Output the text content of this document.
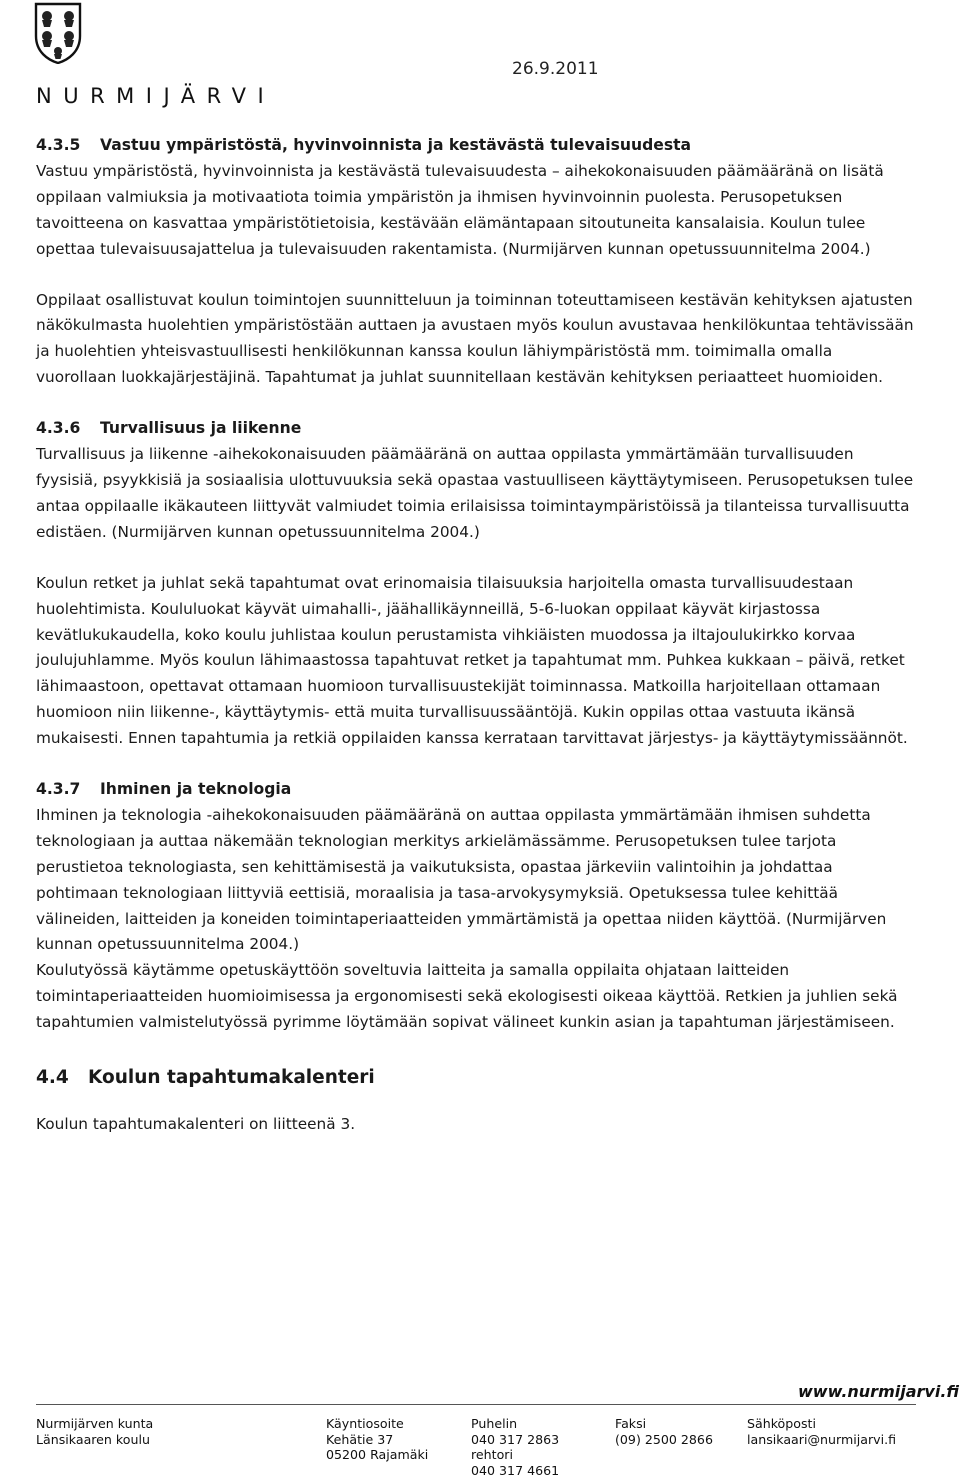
NURMIJÄRVI
26.9.2011
4.3.5 Vastuu ympäristöstä, hyvinvoinnista ja kestävästä tulevaisuudesta

Vastuu ympäristöstä, hyvinvoinnista ja kestävästä tulevaisuudesta – aihekokonaisuuden päämääränä on lisätä oppilaan valmiuksia ja motivaatiota toimia ympäristön ja ihmisen hyvinvoinnin puolesta. Perusopetuksen tavoitteena on kasvattaa ympäristötietoisia, kestävään elämäntapaan sitoutuneita kansalaisia. Koulun tulee opettaa tulevaisuusajattelua ja tulevaisuuden rakentamista. (Nurmijärven kunnan opetussuunnitelma 2004.)

Oppilaat osallistuvat koulun toimintojen suunnitteluun ja toiminnan toteuttamiseen kestävän kehityksen ajatusten näkökulmasta huolehtien ympäristöstään auttaen ja avustaen myös koulun avustavaa henkilökuntaa tehtävissään ja huolehtien yhteisvastuullisesti henkilökunnan kanssa koulun lähiympäristöstä mm. toimimalla omalla vuorollaan luokkajärjestäjinä. Tapahtumat ja juhlat suunnitellaan kestävän kehityksen periaatteet huomioiden.

4.3.6 Turvallisuus ja liikenne

Turvallisuus ja liikenne -aihekokonaisuuden päämääränä on auttaa oppilasta ymmärtämään turvallisuuden fyysisiä, psyykkisiä ja sosiaalisia ulottuvuuksia sekä opastaa vastuulliseen käyttäytymiseen. Perusopetuksen tulee antaa oppilaalle ikäkauteen liittyvät valmiudet toimia erilaisissa toimintaympäristöissä ja tilanteissa turvallisuutta edistäen. (Nurmijärven kunnan opetussuunnitelma 2004.)

Koulun retket ja juhlat sekä tapahtumat ovat erinomaisia tilaisuuksia harjoitella omasta turvallisuudestaan huolehtimista. Koululuokat käyvät uimahalli-, jäähallikäynneillä, 5-6-luokan oppilaat käyvät kirjastossa kevätlukukaudella, koko koulu juhlistaa koulun perustamista vihkiäisten muodossa ja iltajoulukirkko korvaa joulujuhlamme. Myös koulun lähimaastossa tapahtuvat retket ja tapahtumat mm. Puhkea kukkaan – päivä, retket lähimaastoon, opettavat ottamaan huomioon turvallisuustekijät toiminnassa. Matkoilla harjoitellaan ottamaan huomioon niin liikenne-, käyttäytymis- että muita turvallisuussääntöjä. Kukin oppilas ottaa vastuuta ikänsä mukaisesti. Ennen tapahtumia ja retkiä oppilaiden kanssa kerrataan tarvittavat järjestys- ja käyttäytymissäännöt.

4.3.7 Ihminen ja teknologia

Ihminen ja teknologia -aihekokonaisuuden päämääränä on auttaa oppilasta ymmärtämään ihmisen suhdetta teknologiaan ja auttaa näkemään teknologian merkitys arkielämässämme. Perusopetuksen tulee tarjota perustietoa teknologiasta, sen kehittämisestä ja vaikutuksista, opastaa järkeviin valintoihin ja johdattaa pohtimaan teknologiaan liittyviä eettisiä, moraalisia ja tasa-arvokysymyksiä. Opetuksessa tulee kehittää välineiden, laitteiden ja koneiden toimintaperiaatteiden ymmärtämistä ja opettaa niiden käyttöä. (Nurmijärven kunnan opetussuunnitelma 2004.)

Koulutyössä käytämme opetuskäyttöön soveltuvia laitteita ja samalla oppilaita ohjataan laitteiden toimintaperiaatteiden huomioimisessa ja ergonomisesti sekä ekologisesti oikeaa käyttöä. Retkien ja juhlien sekä tapahtumien valmistelutyössä pyrimme löytämään sopivat välineet kunkin asian ja tapahtuman järjestämiseen.

4.4 Koulun tapahtumakalenteri

Koulun tapahtumakalenteri on liitteenä 3.

www.nurmijarvi.fi
Nurmijärven kunta
Länsikaaren koulu
Käyntiosoite
Kehätie 37
05200 Rajamäki
Puhelin
040 317 2863
rehtori
040 317 4661
Faksi
(09) 2500 2866
Sähköposti
lansikaari@nurmijarvi.fi
